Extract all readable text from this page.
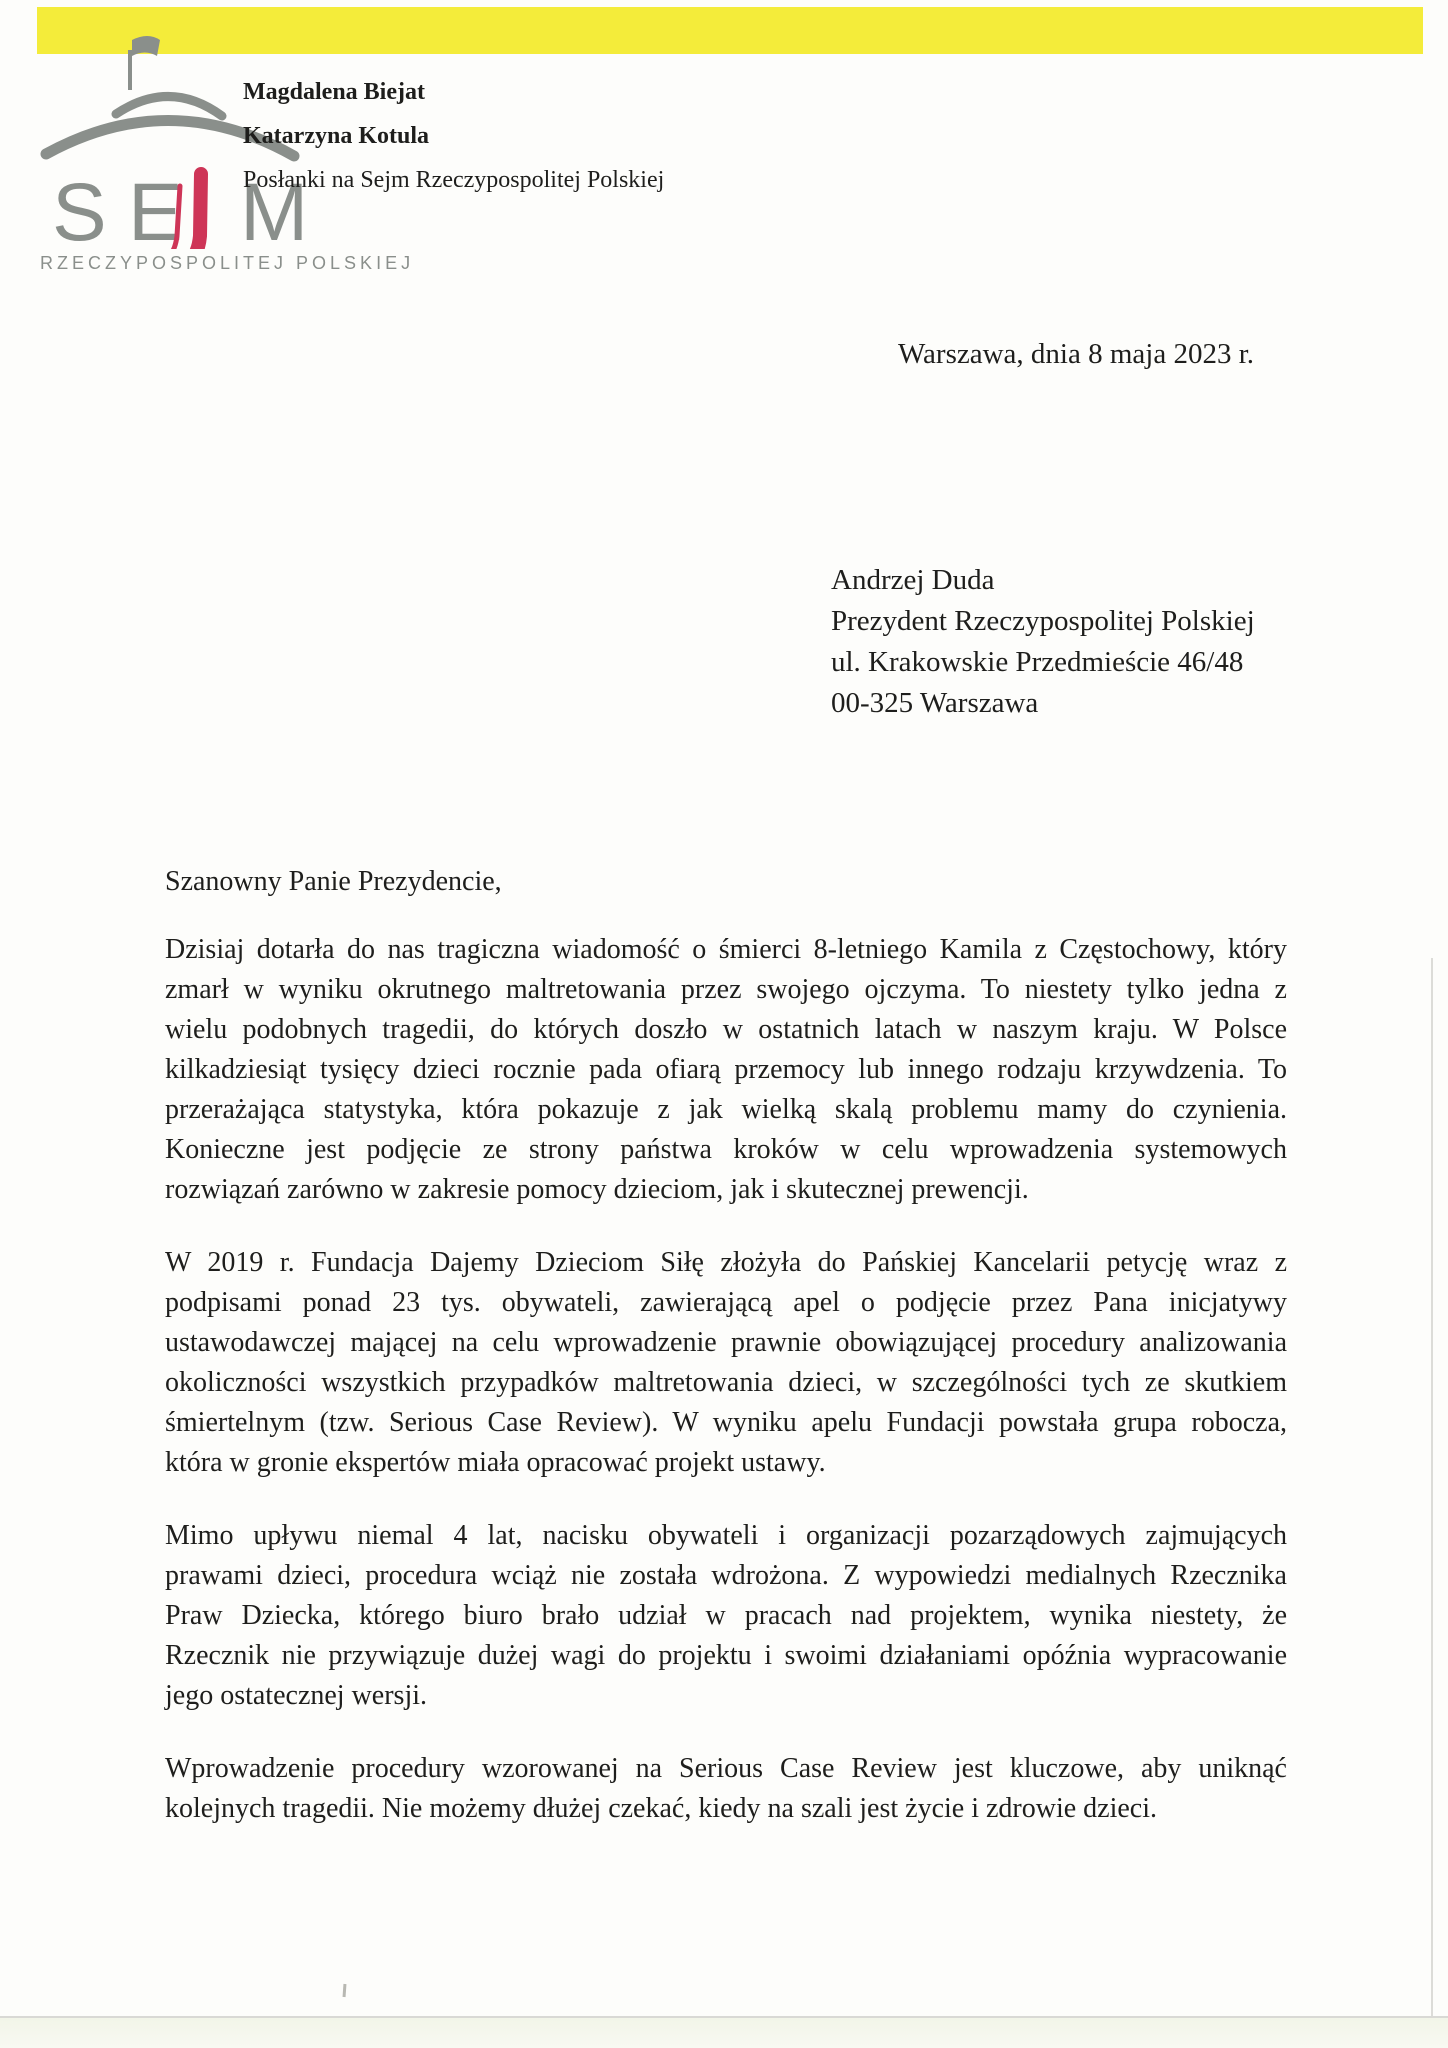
S E M
RZECZYPOSPOLITEJ POLSKIEJ
Magdalena Biejat
Katarzyna Kotula
Posłanki na Sejm Rzeczypospolitej Polskiej
Warszawa, dnia 8 maja 2023 r.
Andrzej Duda
Prezydent Rzeczypospolitej Polskiej
ul. Krakowskie Przedmieście 46/48
00-325 Warszawa
Szanowny Panie Prezydencie,
Dzisiaj dotarła do nas tragiczna wiadomość o śmierci 8-letniego Kamila z Częstochowy, który
zmarł w wyniku okrutnego maltretowania przez swojego ojczyma. To niestety tylko jedna z
wielu podobnych tragedii, do których doszło w ostatnich latach w naszym kraju. W Polsce
kilkadziesiąt tysięcy dzieci rocznie pada ofiarą przemocy lub innego rodzaju krzywdzenia. To
przerażająca statystyka, która pokazuje z jak wielką skalą problemu mamy do czynienia.
Konieczne jest podjęcie ze strony państwa kroków w celu wprowadzenia systemowych
rozwiązań zarówno w zakresie pomocy dzieciom, jak i skutecznej prewencji.
W 2019 r. Fundacja Dajemy Dzieciom Siłę złożyła do Pańskiej Kancelarii petycję wraz z
podpisami ponad 23 tys. obywateli, zawierającą apel o podjęcie przez Pana inicjatywy
ustawodawczej mającej na celu wprowadzenie prawnie obowiązującej procedury analizowania
okoliczności wszystkich przypadków maltretowania dzieci, w szczególności tych ze skutkiem
śmiertelnym (tzw. Serious Case Review). W wyniku apelu Fundacji powstała grupa robocza,
która w gronie ekspertów miała opracować projekt ustawy.
Mimo upływu niemal 4 lat, nacisku obywateli i organizacji pozarządowych zajmujących
prawami dzieci, procedura wciąż nie została wdrożona. Z wypowiedzi medialnych Rzecznika
Praw Dziecka, którego biuro brało udział w pracach nad projektem, wynika niestety, że
Rzecznik nie przywiązuje dużej wagi do projektu i swoimi działaniami opóźnia wypracowanie
jego ostatecznej wersji.
Wprowadzenie procedury wzorowanej na Serious Case Review jest kluczowe, aby uniknąć
kolejnych tragedii. Nie możemy dłużej czekać, kiedy na szali jest życie i zdrowie dzieci.
